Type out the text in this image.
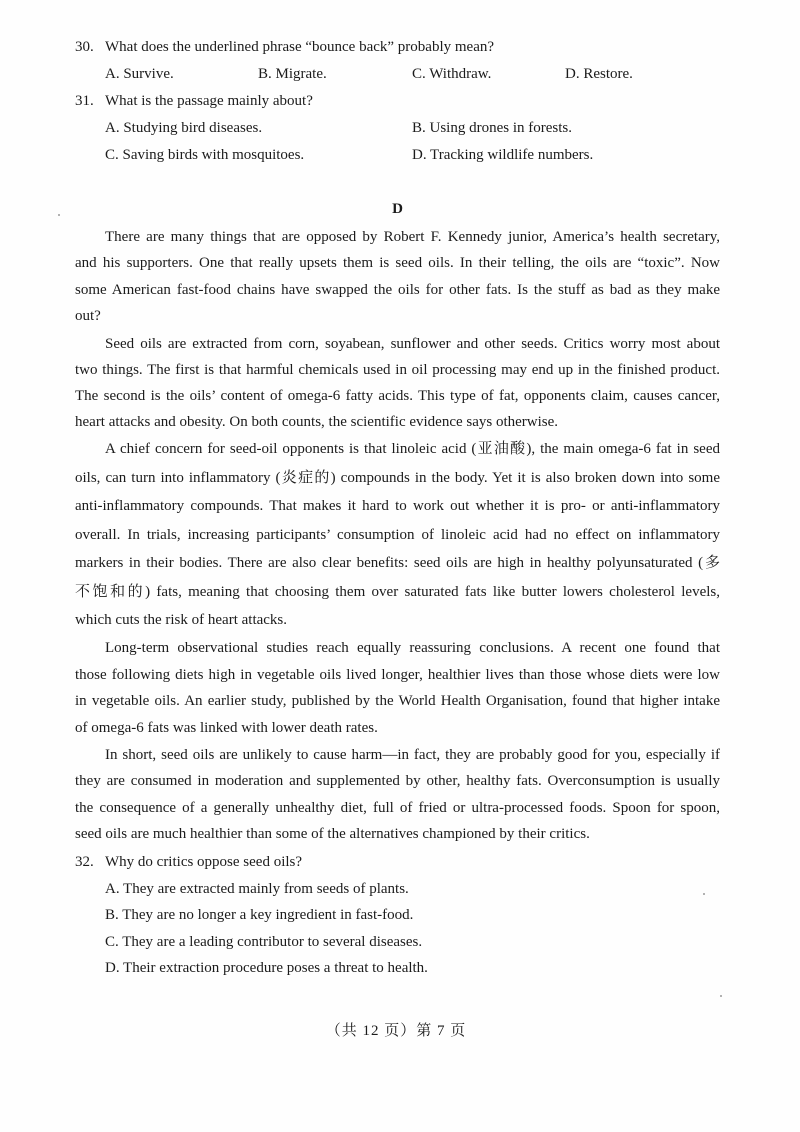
30. What does the underlined phrase “bounce back” probably mean?
A. Survive.	B. Migrate.	C. Withdraw.	D. Restore.
31. What is the passage mainly about?
A. Studying bird diseases.	B. Using drones in forests.
C. Saving birds with mosquitoes.	D. Tracking wildlife numbers.
D
There are many things that are opposed by Robert F. Kennedy junior, America’s health secretary,
and his supporters. One that really upsets them is seed oils. In their telling, the oils are “toxic”. Now
some American fast-food chains have swapped the oils for other fats. Is the stuff as bad as they make
out?
Seed oils are extracted from corn, soyabean, sunflower and other seeds. Critics worry most about
two things. The first is that harmful chemicals used in oil processing may end up in the finished product.
The second is the oils’ content of omega-6 fatty acids. This type of fat, opponents claim, causes cancer,
heart attacks and obesity. On both counts, the scientific evidence says otherwise.
A chief concern for seed-oil opponents is that linoleic acid (亚油酸), the main omega-6 fat in seed
oils, can turn into inflammatory (炎症的) compounds in the body. Yet it is also broken down into some
anti-inflammatory compounds. That makes it hard to work out whether it is pro- or anti-inflammatory
overall. In trials, increasing participants’ consumption of linoleic acid had no effect on inflammatory
markers in their bodies. There are also clear benefits: seed oils are high in healthy polyunsaturated (多
不饱和的) fats, meaning that choosing them over saturated fats like butter lowers cholesterol levels,
which cuts the risk of heart attacks.
Long-term observational studies reach equally reassuring conclusions. A recent one found that
those following diets high in vegetable oils lived longer, healthier lives than those whose diets were low
in vegetable oils. An earlier study, published by the World Health Organisation, found that higher intake
of omega-6 fats was linked with lower death rates.
In short, seed oils are unlikely to cause harm—in fact, they are probably good for you, especially if
they are consumed in moderation and supplemented by other, healthy fats. Overconsumption is usually
the consequence of a generally unhealthy diet, full of fried or ultra-processed foods. Spoon for spoon,
seed oils are much healthier than some of the alternatives championed by their critics.
32. Why do critics oppose seed oils?
A. They are extracted mainly from seeds of plants.
B. They are no longer a key ingredient in fast-food.
C. They are a leading contributor to several diseases.
D. Their extraction procedure poses a threat to health.
（共 12 页）第 7 页
